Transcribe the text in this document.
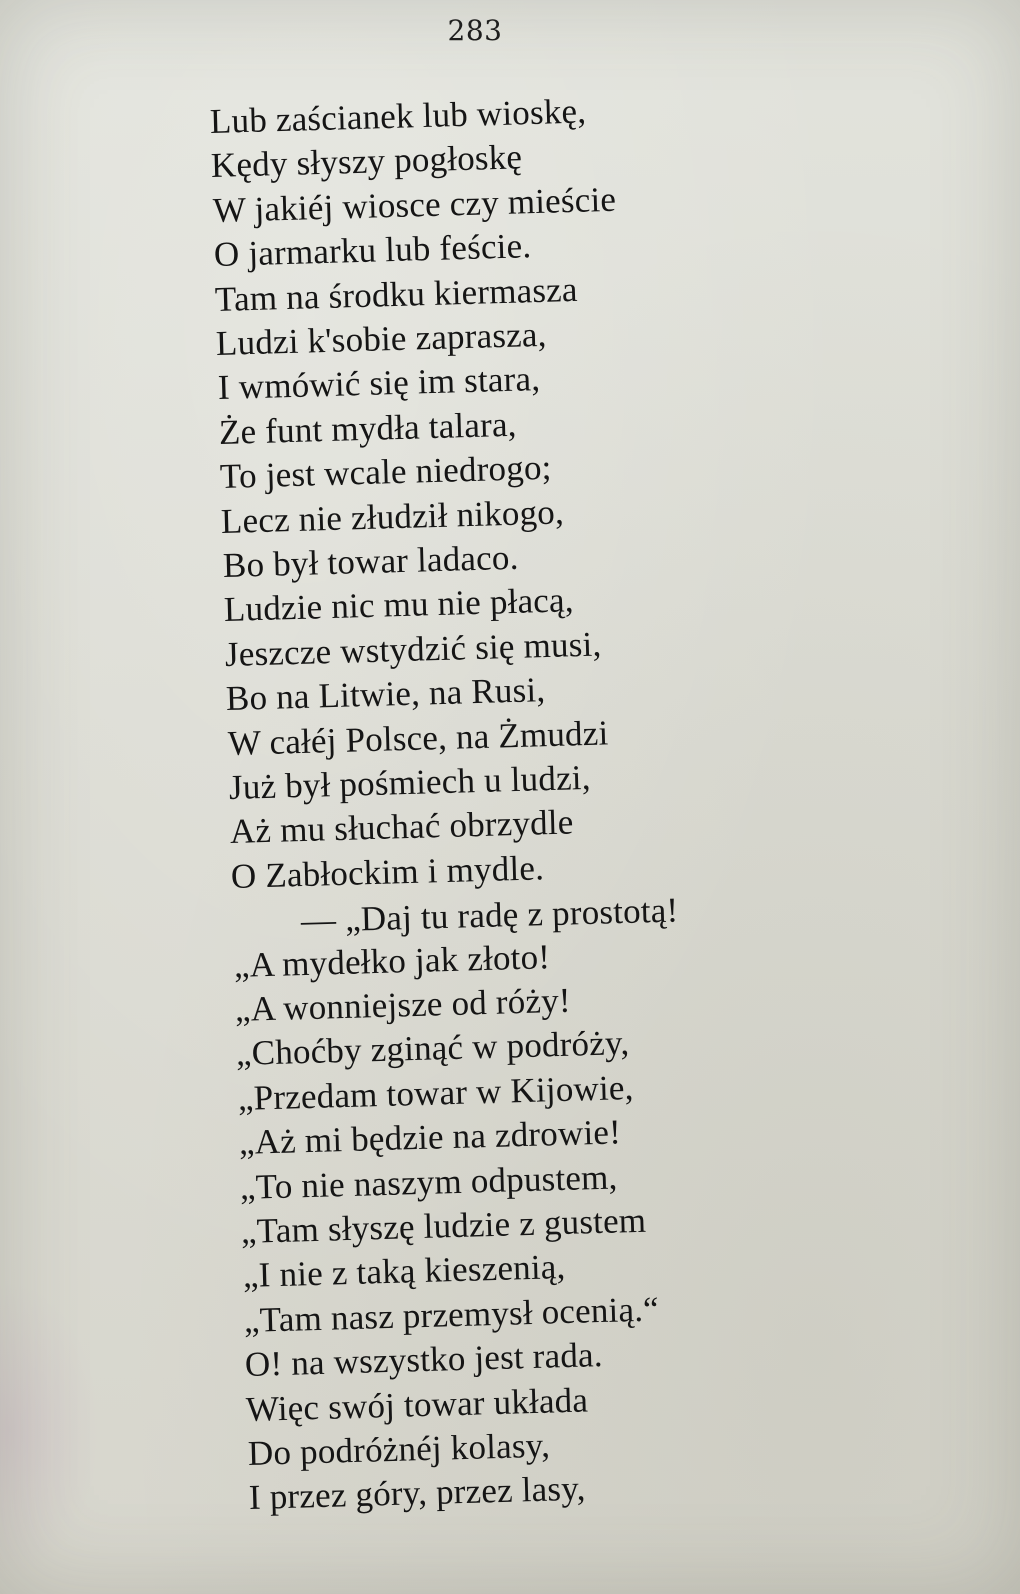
283
Lub zaścianek lub wioskę,
Kędy słyszy pogłoskę
W jakiéj wiosce czy mieście
O jarmarku lub feście.
Tam na środku kiermasza
Ludzi k'sobie zaprasza,
I wmówić się im stara,
Że funt mydła talara,
To jest wcale niedrogo;
Lecz nie złudził nikogo,
Bo był towar ladaco.
Ludzie nic mu nie płacą,
Jeszcze wstydzić się musi,
Bo na Litwie, na Rusi,
W całéj Polsce, na Żmudzi
Już był pośmiech u ludzi,
Aż mu słuchać obrzydle
O Zabłockim i mydle.
— „Daj tu radę z prostotą!
„A mydełko jak złoto!
„A wonniejsze od róży!
„Choćby zginąć w podróży,
„Przedam towar w Kijowie,
„Aż mi będzie na zdrowie!
„To nie naszym odpustem,
„Tam słyszę ludzie z gustem
„I nie z taką kieszenią,
„Tam nasz przemysł ocenią.“
O! na wszystko jest rada.
Więc swój towar układa
Do podróżnéj kolasy,
I przez góry, przez lasy,
